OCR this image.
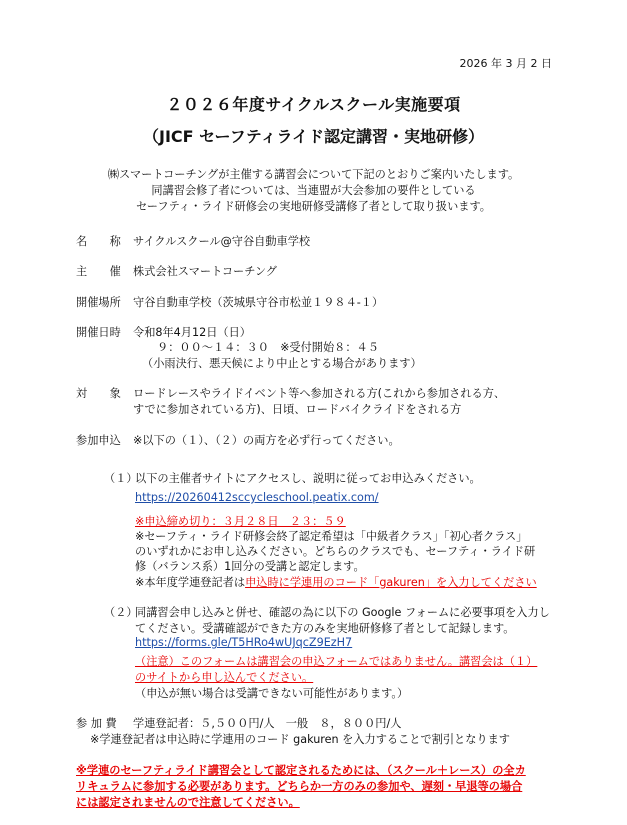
2026 年 3 月 2 日
２０２６年度サイクルスクール実施要項
（JICF セーフティライド認定講習・実地研修）
㈱スマートコーチングが主催する講習会について下記のとおりご案内いたします。
同講習会修了者については、当連盟が大会参加の要件としている
セーフティ・ライド研修会の実地研修受講修了者として取り扱います。
名　　称 サイクルスクール@守谷自動車学校
主　　催 株式会社スマートコーチング
開催場所 守谷自動車学校（茨城県守谷市松並１９８４-１）
開催日時 令和8年4月12日（日）
９：００～１４：３０　※受付開始８：４５
（小雨決行、悪天候により中止とする場合があります）
対　　象 ロードレースやライドイベント等へ参加される方(これから参加される方、
すでに参加されている方)、日頃、ロードバイクライドをされる方
参加申込 ※以下の（１）、（２）の両方を必ず行ってください。
（１）
以下の主催者サイトにアクセスし、説明に従ってお申込みください。
https://20260412sccycleschool.peatix.com/
※申込締め切り：３月２８日　２３：５９
※セーフティ・ライド研修会終了認定希望は「中級者クラス」「初心者クラス」
のいずれかにお申し込みください。どちらのクラスでも、セーフティ・ライド研
修（バランス系）1回分の受講と認定します。
※本年度学連登記者は申込時に学連用のコード「gakuren」を入力してください
（２）
同講習会申し込みと併せ、確認の為に以下の Google フォームに必要事項を入力し
てください。受講確認ができた方のみを実地研修修了者として記録します。
https://forms.gle/T5HRo4wUJqcZ9EzH7
（注意）このフォームは講習会の申込フォームではありません。講習会は（１）
のサイトから申し込んでください。
（申込が無い場合は受講できない可能性があります。）
参 加 費 学連登記者：５,５００円/人　一般　８，８００円/人
※学連登記者は申込時に学連用のコード gakuren を入力することで割引となります
※学連のセーフティライド講習会として認定されるためには、（スクール＋レース）の全カ
リキュラムに参加する必要があります。どちらか一方のみの参加や、遅刻・早退等の場合
には認定されませんので注意してください。
